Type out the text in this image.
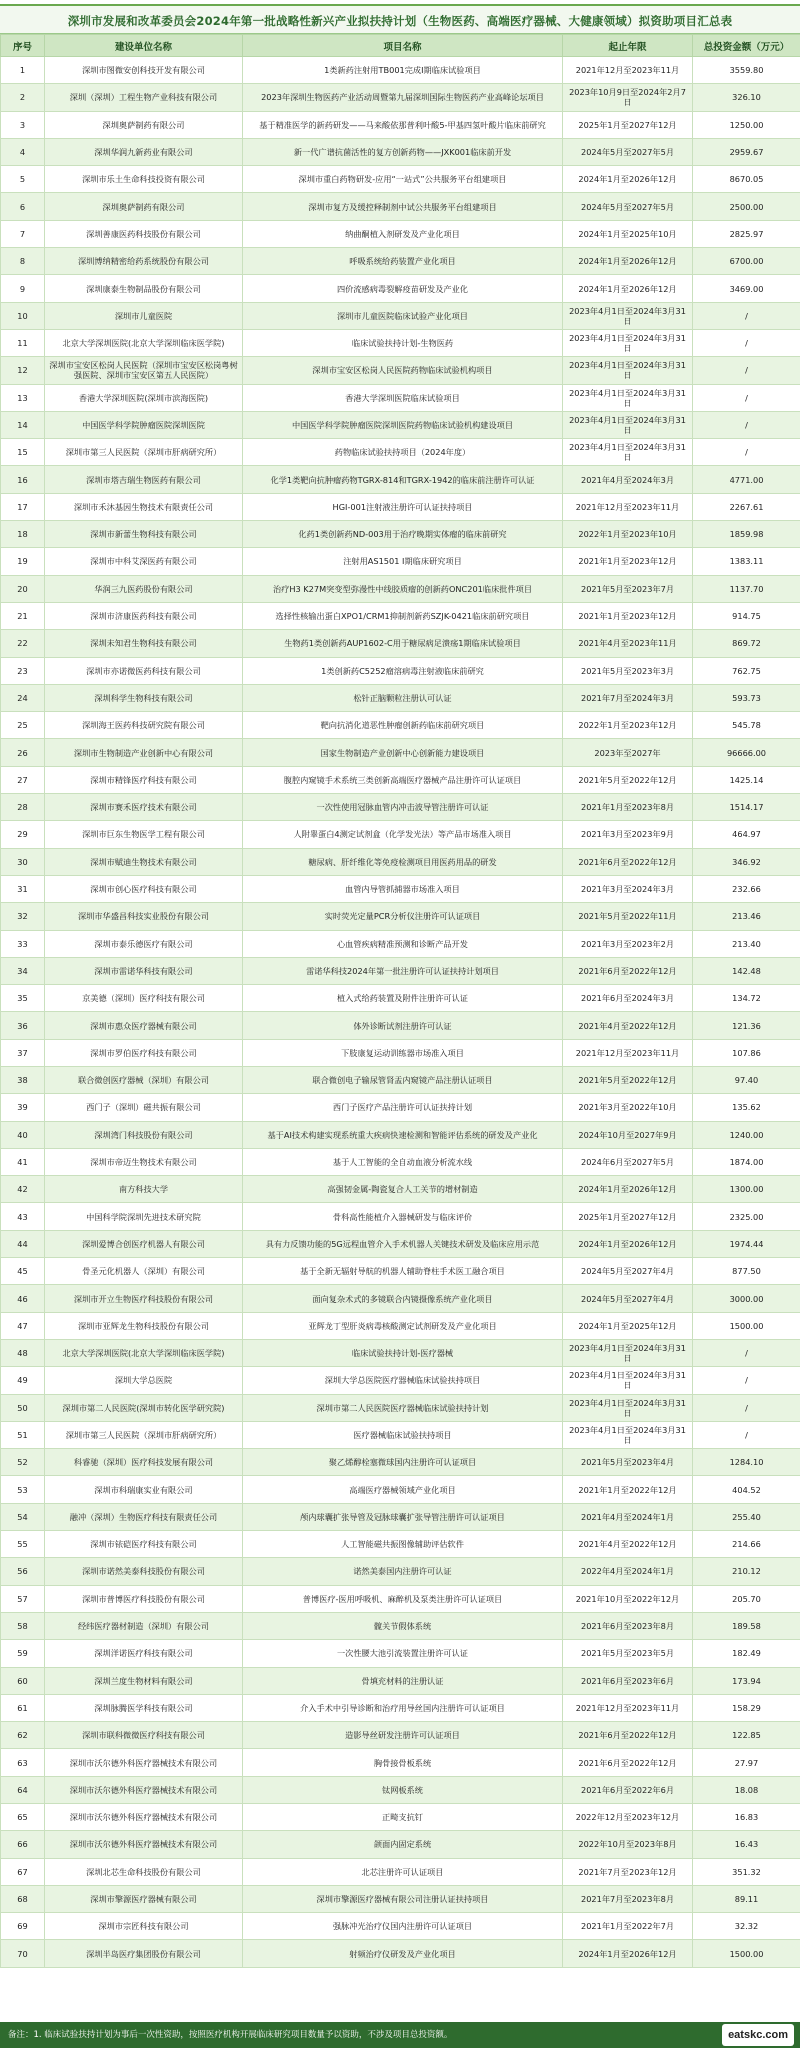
深圳市发展和改革委员会2024年第一批战略性新兴产业拟扶持计划（生物医药、高端医疗器械、大健康领域）拟资助项目汇总表
序号	建设单位名称	项目名称	起止年限	总投资金额（万元）
1	深圳市图微安创科技开发有限公司	1类新药注射用TB001完成I期临床试验项目	2021年12月至2023年11月	3559.80
2	深圳（深圳）工程生物产业科技有限公司	2023年深圳生物医药产业活动周暨第九届深圳国际生物医药产业高峰论坛项目	2023年10月9日至2024年2月7日	326.10
3	深圳奥萨制药有限公司	基于精准医学的新药研发——马来酸依那普利叶酸5-甲基四氢叶酸片临床前研究	2025年1月至2027年12月	1250.00
4	深圳华润九新药业有限公司	新一代广谱抗菌活性的复方创新药物——JXK001临床前开发	2024年5月至2027年5月	2959.67
5	深圳市乐土生命科技投资有限公司	深圳市重白药物研发-应用“一站式”公共服务平台组建项目	2024年1月至2026年12月	8670.05
6	深圳奥萨制药有限公司	深圳市复方及缓控释制剂中试公共服务平台组建项目	2024年5月至2027年5月	2500.00
7	深圳善康医药科技股份有限公司	纳曲酮植入剂研发及产业化项目	2024年1月至2025年10月	2825.97
8	深圳博纳精密给药系统股份有限公司	呼吸系统给药装置产业化项目	2024年1月至2026年12月	6700.00
9	深圳康泰生物制品股份有限公司	四价流感病毒裂解疫苗研发及产业化	2024年1月至2026年12月	3469.00
10	深圳市儿童医院	深圳市儿童医院临床试验产业化项目	2023年4月1日至2024年3月31日	/
11	北京大学深圳医院(北京大学深圳临床医学院)	临床试验扶持计划-生物医药	2023年4月1日至2024年3月31日	/
12	深圳市宝安区松岗人民医院（深圳市宝安区松岗粤树强医院、深圳市宝安区第五人民医院）	深圳市宝安区松岗人民医院药物临床试验机构项目	2023年4月1日至2024年3月31日	/
13	香港大学深圳医院(深圳市滨海医院)	香港大学深圳医院临床试验项目	2023年4月1日至2024年3月31日	/
14	中国医学科学院肿瘤医院深圳医院	中国医学科学院肿瘤医院深圳医院药物临床试验机构建设项目	2023年4月1日至2024年3月31日	/
15	深圳市第三人民医院（深圳市肝病研究所）	药物临床试验扶持项目（2024年度）	2023年4月1日至2024年3月31日	/
16	深圳市塔吉瑞生物医药有限公司	化学1类靶向抗肿瘤药物TGRX-814和TGRX-1942的临床前注册许可认证	2021年4月至2024年3月	4771.00
17	深圳市禾沐基因生物技术有限责任公司	HGI-001注射液注册许可认证扶持项目	2021年12月至2023年11月	2267.61
18	深圳市新蕾生物科技有限公司	化药1类创新药ND-003用于治疗晚期实体瘤的临床前研究	2022年1月至2023年10月	1859.98
19	深圳市中科艾深医药有限公司	注射用AS1501 I期临床研究项目	2021年1月至2023年12月	1383.11
20	华润三九医药股份有限公司	治疗H3 K27M突变型弥漫性中线胶质瘤的创新药ONC201临床批件项目	2021年5月至2023年7月	1137.70
21	深圳市济康医药科技有限公司	选择性核输出蛋白XPO1/CRM1抑制剂新药SZJK-0421临床前研究项目	2021年1月至2023年12月	914.75
22	深圳未知君生物科技有限公司	生物药1类创新药AUP1602-C用于糖尿病足溃疡1期临床试验项目	2021年4月至2023年11月	869.72
23	深圳市亦诺微医药科技有限公司	1类创新药C5252瘤溶病毒注射液临床前研究	2021年5月至2023年3月	762.75
24	深圳科学生物科技有限公司	松针正脑颗粒注册认可认证	2021年7月至2024年3月	593.73
25	深圳海王医药科技研究院有限公司	靶向抗消化道恶性肿瘤创新药临床前研究项目	2022年1月至2023年12月	545.78
26	深圳市生物制造产业创新中心有限公司	国家生物制造产业创新中心创新能力建设项目	2023年至2027年	96666.00
27	深圳市精锋医疗科技有限公司	腹腔内窥镜手术系统三类创新高端医疗器械产品注册许可认证项目	2021年5月至2022年12月	1425.14
28	深圳市赛禾医疗技术有限公司	一次性使用冠脉血管内冲击波导管注册许可认证	2021年1月至2023年8月	1514.17
29	深圳市巨东生物医学工程有限公司	人附睾蛋白4测定试剂盒（化学发光法）等产品市场准入项目	2021年3月至2023年9月	464.97
30	深圳市赋迪生物技术有限公司	糖尿病、肝纤维化等免疫检测项目用医药用品的研发	2021年6月至2022年12月	346.92
31	深圳市创心医疗科技有限公司	血管内导管抓捕器市场准入项目	2021年3月至2024年3月	232.66
32	深圳市华盛昌科技实业股份有限公司	实时荧光定量PCR分析仪注册许可认证项目	2021年5月至2022年11月	213.46
33	深圳市泰乐德医疗有限公司	心血管疾病精准预测和诊断产品开发	2021年3月至2023年2月	213.40
34	深圳市雷诺华科技有限公司	雷诺华科技2024年第一批注册许可认证扶持计划项目	2021年6月至2022年12月	142.48
35	京美德（深圳）医疗科技有限公司	植入式给药装置及附件注册许可认证	2021年6月至2024年3月	134.72
36	深圳市惠众医疗器械有限公司	体外诊断试剂注册许可认证	2021年4月至2022年12月	121.36
37	深圳市罗伯医疗科技有限公司	下肢康复运动训练器市场准入项目	2021年12月至2023年11月	107.86
38	联合微创医疗器械（深圳）有限公司	联合微创电子输尿管肾盂内窥镜产品注册认证项目	2021年5月至2022年12月	97.40
39	西门子（深圳）磁共振有限公司	西门子医疗产品注册许可认证扶持计划	2021年3月至2022年10月	135.62
40	深圳湾门科技股份有限公司	基于AI技术构建实现系统重大疾病快速检测和智能评估系统的研发及产业化	2024年10月至2027年9月	1240.00
41	深圳市帝迈生物技术有限公司	基于人工智能的全自动血液分析流水线	2024年6月至2027年5月	1874.00
42	南方科技大学	高强韧金属-陶瓷复合人工关节的增材制造	2024年1月至2026年12月	1300.00
43	中国科学院深圳先进技术研究院	骨科高性能植介入器械研发与临床评价	2025年1月至2027年12月	2325.00
44	深圳爱博合创医疗机器人有限公司	具有力反馈功能的5G远程血管介入手术机器人关键技术研发及临床应用示范	2024年1月至2026年12月	1974.44
45	骨圣元化机器人（深圳）有限公司	基于全新无辐射导航的机器人辅助脊柱手术医工融合项目	2024年5月至2027年4月	877.50
46	深圳市开立生物医疗科技股份有限公司	面向复杂术式的多镜联合内镜摄像系统产业化项目	2024年5月至2027年4月	3000.00
47	深圳市亚辉龙生物科技股份有限公司	亚辉龙丁型肝炎病毒核酸测定试剂研发及产业化项目	2024年1月至2025年12月	1500.00
48	北京大学深圳医院(北京大学深圳临床医学院)	临床试验扶持计划-医疗器械	2023年4月1日至2024年3月31日	/
49	深圳大学总医院	深圳大学总医院医疗器械临床试验扶持项目	2023年4月1日至2024年3月31日	/
50	深圳市第二人民医院(深圳市转化医学研究院)	深圳市第二人民医院医疗器械临床试验扶持计划	2023年4月1日至2024年3月31日	/
51	深圳市第三人民医院（深圳市肝病研究所）	医疗器械临床试验扶持项目	2023年4月1日至2024年3月31日	/
52	科睿驰（深圳）医疗科技发展有限公司	聚乙烯醇栓塞微球国内注册许可认证项目	2021年5月至2023年4月	1284.10
53	深圳市科瑞康实业有限公司	高端医疗器械领域产业化项目	2021年1月至2022年12月	404.52
54	融冲（深圳）生物医疗科技有限责任公司	颅内球囊扩张导管及冠脉球囊扩张导管注册许可认证项目	2021年4月至2024年1月	255.40
55	深圳市铱硙医疗科技有限公司	人工智能磁共振图像辅助评估软件	2021年4月至2022年12月	214.66
56	深圳市诺然美泰科技股份有限公司	诺然美泰国内注册许可认证	2022年4月至2024年1月	210.12
57	深圳市普博医疗科技股份有限公司	普博医疗-医用呼吸机、麻醉机及泵类注册许可认证项目	2021年10月至2022年12月	205.70
58	经纬医疗器材制造（深圳）有限公司	髋关节假体系统	2021年6月至2023年8月	189.58
59	深圳洋诺医疗科技有限公司	一次性腰大池引流装置注册许可认证	2021年5月至2023年5月	182.49
60	深圳兰度生物材料有限公司	骨填充材料的注册认证	2021年6月至2023年6月	173.94
61	深圳脉腾医学科技有限公司	介入手术中引导诊断和治疗用导丝国内注册许可认证项目	2021年12月至2023年11月	158.29
62	深圳市联科微微医疗科技有限公司	造影导丝研发注册许可认证项目	2021年6月至2022年12月	122.85
63	深圳市沃尔德外科医疗器械技术有限公司	胸骨接骨板系统	2021年6月至2022年12月	27.97
64	深圳市沃尔德外科医疗器械技术有限公司	钛网板系统	2021年6月至2022年6月	18.08
65	深圳市沃尔德外科医疗器械技术有限公司	正畸支抗钉	2022年12月至2023年12月	16.83
66	深圳市沃尔德外科医疗器械技术有限公司	颌面内固定系统	2022年10月至2023年8月	16.43
67	深圳北芯生命科技股份有限公司	北芯注册许可认证项目	2021年7月至2023年12月	351.32
68	深圳市擎源医疗器械有限公司	深圳市擎源医疗器械有限公司注册认证扶持项目	2021年7月至2023年8月	89.11
69	深圳市宗匠科技有限公司	强脉冲光治疗仪国内注册许可认证项目	2021年1月至2022年7月	32.32
70	深圳半岛医疗集团股份有限公司	射频治疗仪研发及产业化项目	2024年1月至2026年12月	1500.00
备注：1. 临床试验扶持计划为事后一次性资助，按照医疗机构开展临床研究项目数量予以资助，不涉及项目总投资额。	eatskc.com
